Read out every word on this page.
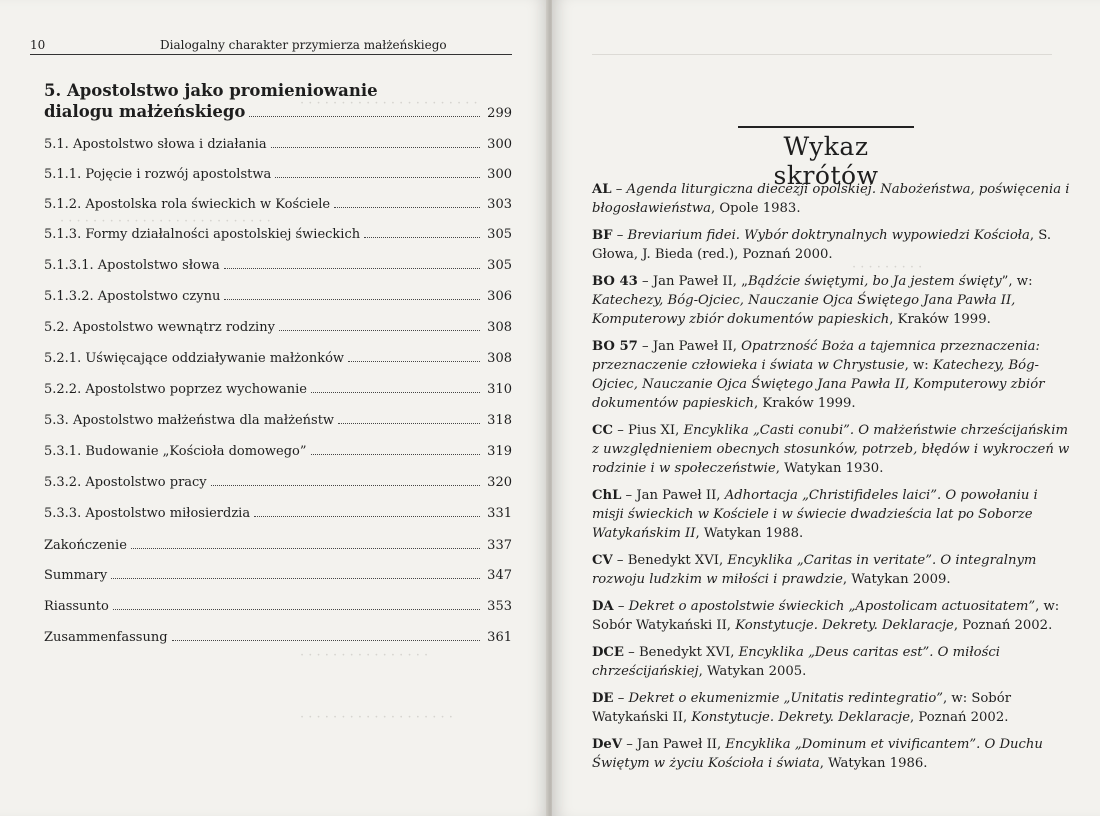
· · · · · · · · · · · · · · · · · · · · · ·
· · · · · · · · · · · · · · · · · · · · · · · · · ·
· · · · · · · · · · · · · · · ·
· · · · · · · · · · · · · · · · · · ·
10	Dialogalny charakter przymierza małżeńskiego
5. Apostolstwo jako promieniowanie
dialogu małżeńskiego	299
5.1. Apostolstwo słowa i działania	300
5.1.1. Pojęcie i rozwój apostolstwa	300
5.1.2. Apostolska rola świeckich w Kościele	303
5.1.3. Formy działalności apostolskiej świeckich	305
5.1.3.1. Apostolstwo słowa	305
5.1.3.2. Apostolstwo czynu	306
5.2. Apostolstwo wewnątrz rodziny	308
5.2.1. Uświęcające oddziaływanie małżonków	308
5.2.2. Apostolstwo poprzez wychowanie	310
5.3. Apostolstwo małżeństwa dla małżeństw	318
5.3.1. Budowanie „Kościoła domowego”	319
5.3.2. Apostolstwo pracy	320
5.3.3. Apostolstwo miłosierdzia	331
Zakończenie	337
Summary	347
Riassunto	353
Zusammenfassung	361
· · · · · · · · ·
Wykaz skrótów
AL – Agenda liturgiczna diecezji opolskiej. Nabożeństwa, poświęcenia i błogosławieństwa, Opole 1983.
BF – Breviarium fidei. Wybór doktrynalnych wypowiedzi Kościoła, S. Głowa, J. Bieda (red.), Poznań 2000.
BO 43 – Jan Paweł II, „Bądźcie świętymi, bo Ja jestem święty”, w: Katechezy, Bóg-Ojciec, Nauczanie Ojca Świętego Jana Pawła II, Komputerowy zbiór dokumentów papieskich, Kraków 1999.
BO 57 – Jan Paweł II, Opatrzność Boża a tajemnica przeznaczenia: przeznaczenie człowieka i świata w Chrystusie, w: Katechezy, Bóg-Ojciec, Nauczanie Ojca Świętego Jana Pawła II, Komputerowy zbiór dokumentów papieskich, Kraków 1999.
CC – Pius XI, Encyklika „Casti conubi”. O małżeństwie chrześcijańskim z uwzględnieniem obecnych stosunków, potrzeb, błędów i wykroczeń w rodzinie i w społeczeństwie, Watykan 1930.
ChL – Jan Paweł II, Adhortacja „Christifideles laici”. O powołaniu i misji świeckich w Kościele i w świecie dwadzieścia lat po Soborze Watykańskim II, Watykan 1988.
CV – Benedykt XVI, Encyklika „Caritas in veritate”. O integralnym rozwoju ludzkim w miłości i prawdzie, Watykan 2009.
DA – Dekret o apostolstwie świeckich „Apostolicam actuositatem”, w: Sobór Watykański II, Konstytucje. Dekrety. Deklaracje, Poznań 2002.
DCE – Benedykt XVI, Encyklika „Deus caritas est”. O miłości chrześcijańskiej, Watykan 2005.
DE – Dekret o ekumenizmie „Unitatis redintegratio”, w: Sobór Watykański II, Konstytucje. Dekrety. Deklaracje, Poznań 2002.
DeV – Jan Paweł II, Encyklika „Dominum et vivificantem”. O Duchu Świętym w życiu Kościoła i świata, Watykan 1986.
